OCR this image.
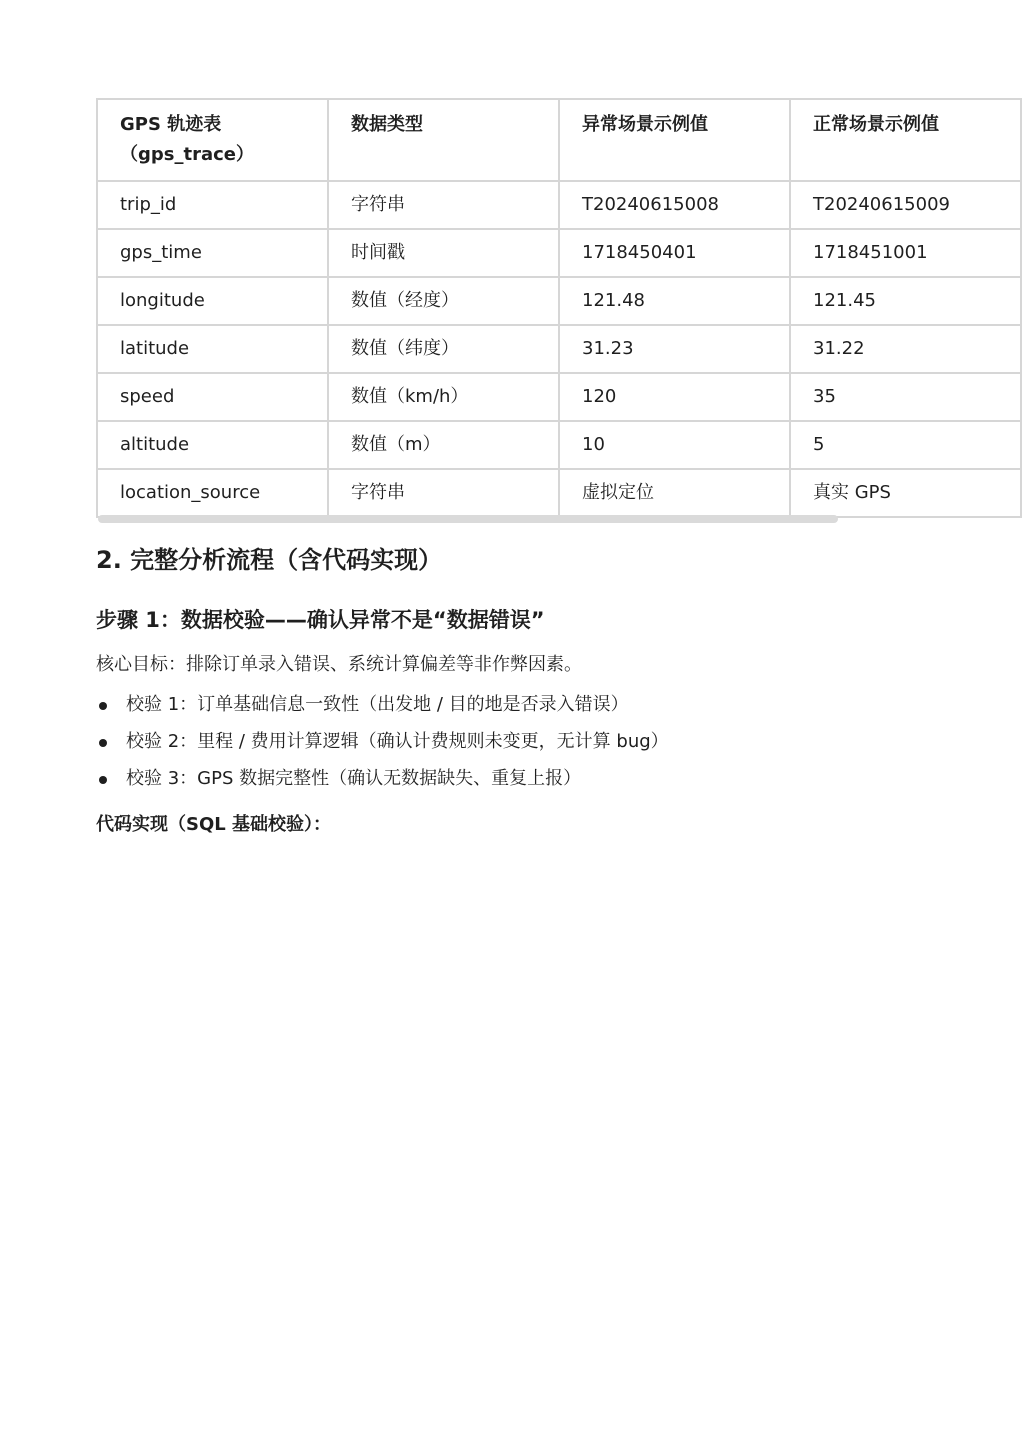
GPS 轨迹表（gps_trace）	数据类型	异常场景示例值	正常场景示例值
trip_id	字符串	T20240615008	T20240615009
gps_time	时间戳	1718450401	1718451001
longitude	数值（经度）	121.48	121.45
latitude	数值（纬度）	31.23	31.22
speed	数值（km/h）	120	35
altitude	数值（m）	10	5
location_source	字符串	虚拟定位	真实 GPS
2. 完整分析流程（含代码实现）
步骤 1：数据校验——确认异常不是“数据错误”

核心目标：排除订单录入错误、系统计算偏差等非作弊因素。

校验 1：订单基础信息一致性（出发地 / 目的地是否录入错误）
校验 2：里程 / 费用计算逻辑（确认计费规则未变更，无计算 bug）
校验 3：GPS 数据完整性（确认无数据缺失、重复上报）

代码实现（SQL 基础校验）：
